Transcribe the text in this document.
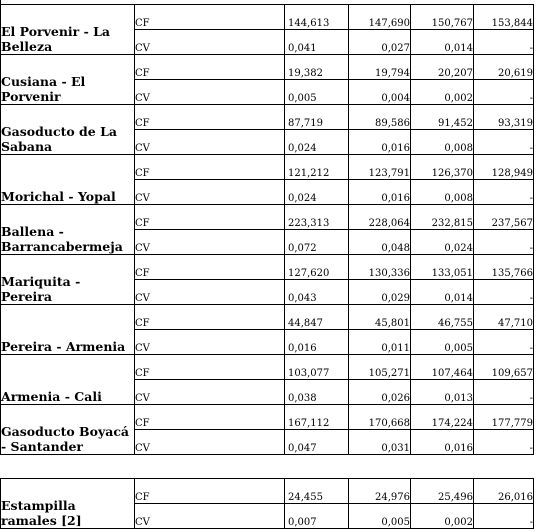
El Porvenir - La Belleza	CF	144,613	147,690	150,767	153,844
	CV	0,041	0,027	0,014	-
Cusiana - El Porvenir	CF	19,382	19,794	20,207	20,619
	CV	0,005	0,004	0,002	-
Gasoducto de La Sabana	CF	87,719	89,586	91,452	93,319
	CV	0,024	0,016	0,008	-
Morichal - Yopal	CF	121,212	123,791	126,370	128,949
	CV	0,024	0,016	0,008	-
Ballena - Barrancabermeja	CF	223,313	228,064	232,815	237,567
	CV	0,072	0,048	0,024	-
Mariquita - Pereira	CF	127,620	130,336	133,051	135,766
	CV	0,043	0,029	0,014	-
Pereira - Armenia	CF	44,847	45,801	46,755	47,710
	CV	0,016	0,011	0,005	-
Armenia - Cali	CF	103,077	105,271	107,464	109,657
	CV	0,038	0,026	0,013	-
Gasoducto Boyacá - Santander	CF	167,112	170,668	174,224	177,779
	CV	0,047	0,031	0,016	-
Estampilla ramales [2]	CF	24,455	24,976	25,496	26,016
	CV	0,007	0,005	0,002	-
